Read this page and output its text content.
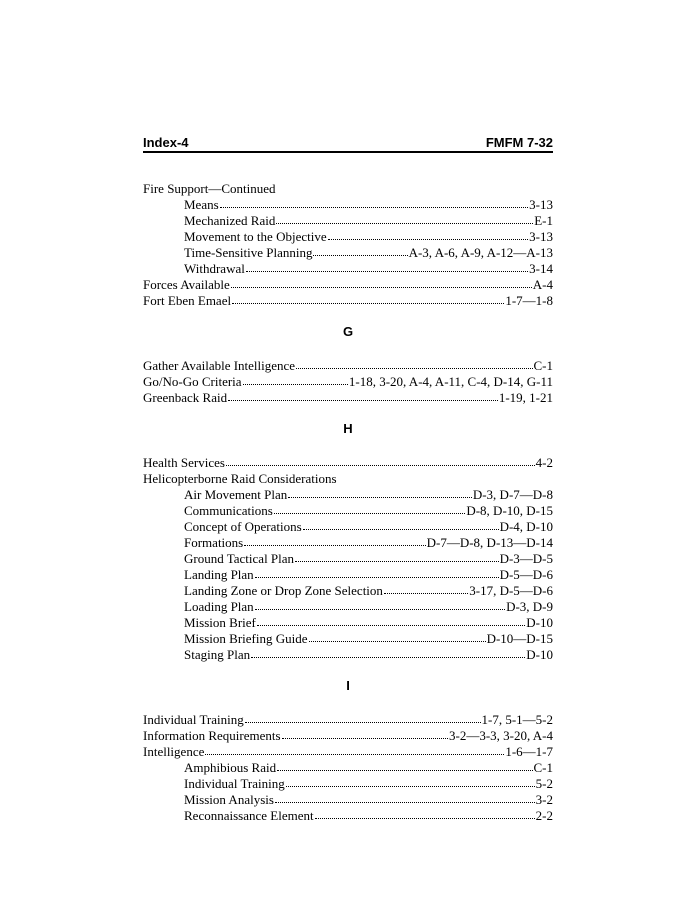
Index-4	FMFM 7-32
Fire Support—Continued
Means	3-13
Mechanized Raid	E-1
Movement to the Objective	3-13
Time-Sensitive Planning	A-3, A-6, A-9, A-12—A-13
Withdrawal	3-14
Forces Available	A-4
Fort Eben Emael	1-7—1-8
G
Gather Available Intelligence	C-1
Go/No-Go Criteria	1-18, 3-20, A-4, A-11, C-4, D-14, G-11
Greenback Raid	1-19, 1-21
H
Health Services	4-2
Helicopterborne Raid Considerations
Air Movement Plan	D-3, D-7—D-8
Communications	D-8, D-10, D-15
Concept of Operations	D-4, D-10
Formations	D-7—D-8, D-13—D-14
Ground Tactical Plan	D-3—D-5
Landing Plan	D-5—D-6
Landing Zone or Drop Zone Selection	3-17, D-5—D-6
Loading Plan	D-3, D-9
Mission Brief	D-10
Mission Briefing Guide	D-10—D-15
Staging Plan	D-10
I
Individual Training	1-7, 5-1—5-2
Information Requirements	3-2—3-3, 3-20, A-4
Intelligence	1-6—1-7
Amphibious Raid	C-1
Individual Training	5-2
Mission Analysis	3-2
Reconnaissance Element	2-2
